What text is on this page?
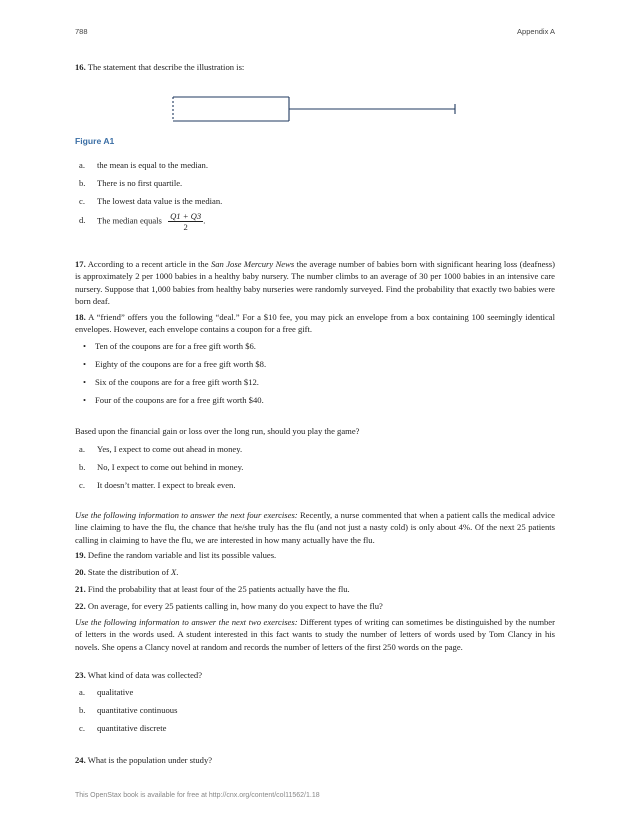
788	Appendix A
16. The statement that describe the illustration is:
Figure A1
a. the mean is equal to the median.
b. There is no first quartile.
c. The lowest data value is the median.
d. The median equals $\frac{Q1 + Q3}{2}$ .
17. According to a recent article in the San Jose Mercury News the average number of babies born with significant hearing loss (deafness) is approximately 2 per 1000 babies in a healthy baby nursery. The number climbs to an average of 30 per 1000 babies in an intensive care nursery. Suppose that 1,000 babies from healthy baby nurseries were randomly surveyed. Find the probability that exactly two babies were born deaf.
18. A “friend” offers you the following “deal.” For a $10 fee, you may pick an envelope from a box containing 100 seemingly identical envelopes. However, each envelope contains a coupon for a free gift.
• Ten of the coupons are for a free gift worth $6.
• Eighty of the coupons are for a free gift worth $8.
• Six of the coupons are for a free gift worth $12.
• Four of the coupons are for a free gift worth $40.
Based upon the financial gain or loss over the long run, should you play the game?
a. Yes, I expect to come out ahead in money.
b. No, I expect to come out behind in money.
c. It doesn’t matter. I expect to break even.
Use the following information to answer the next four exercises: Recently, a nurse commented that when a patient calls the medical advice line claiming to have the flu, the chance that he/she truly has the flu (and not just a nasty cold) is only about 4%. Of the next 25 patients calling in claiming to have the flu, we are interested in how many actually have the flu.
19. Define the random variable and list its possible values.
20. State the distribution of X.
21. Find the probability that at least four of the 25 patients actually have the flu.
22. On average, for every 25 patients calling in, how many do you expect to have the flu?
Use the following information to answer the next two exercises: Different types of writing can sometimes be distinguished by the number of letters in the words used. A student interested in this fact wants to study the number of letters of words used by Tom Clancy in his novels. She opens a Clancy novel at random and records the number of letters of the first 250 words on the page.
23. What kind of data was collected?
a. qualitative
b. quantitative continuous
c. quantitative discrete
24. What is the population under study?
This OpenStax book is available for free at http://cnx.org/content/col11562/1.18
